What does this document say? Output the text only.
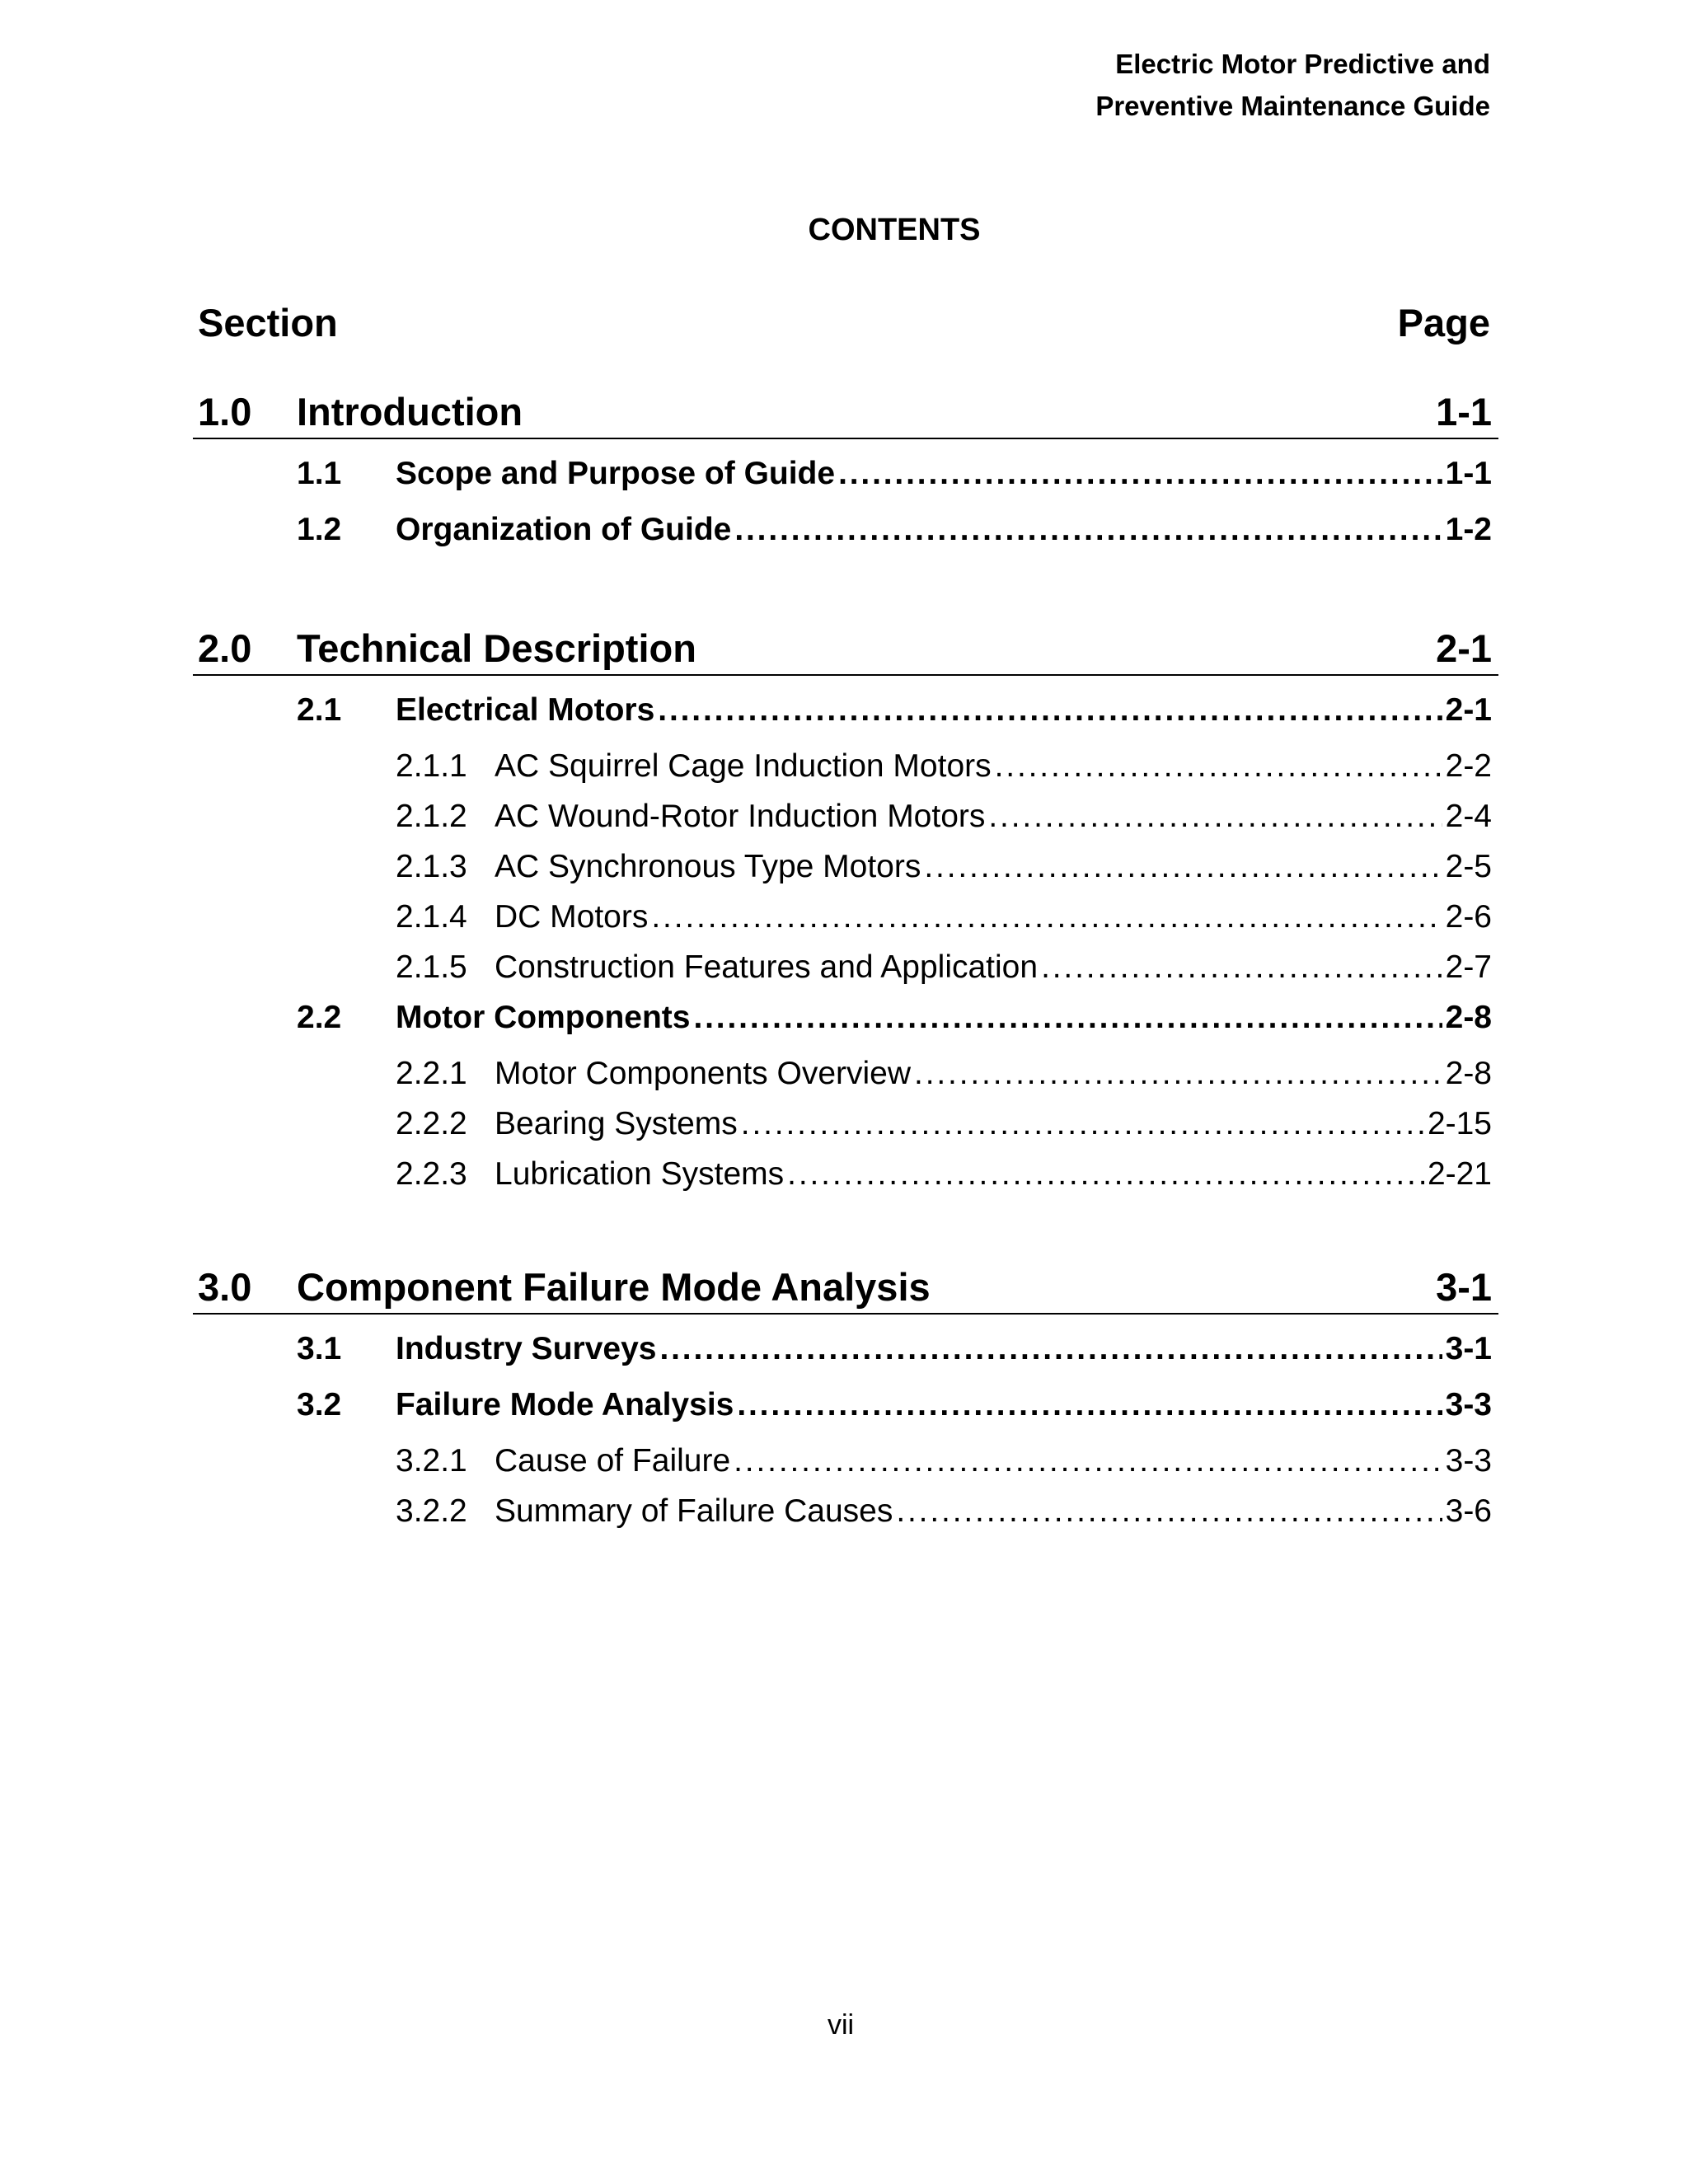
Electric Motor Predictive and
Preventive Maintenance Guide
CONTENTS
Section	Page
1.0	Introduction	1-1
1.1	Scope and Purpose of Guide . . .	1-1
1.2	Organization of Guide . . .	1-2
2.0	Technical Description	2-1
2.1	Electrical Motors . . .	2-1
2.1.1 AC Squirrel Cage Induction Motors . . .	2-2
2.1.2 AC Wound-Rotor Induction Motors . . .	2-4
2.1.3 AC Synchronous Type Motors . . .	2-5
2.1.4 DC Motors . . .	2-6
2.1.5 Construction Features and Application . . .	2-7
2.2	Motor Components . . .	2-8
2.2.1 Motor Components Overview . . .	2-8
2.2.2 Bearing Systems . . .	2-15
2.2.3 Lubrication Systems . . .	2-21
3.0	Component Failure Mode Analysis	3-1
3.1	Industry Surveys . . .	3-1
3.2	Failure Mode Analysis . . .	3-3
3.2.1 Cause of Failure . . .	3-3
3.2.2 Summary of Failure Causes . . .	3-6
vii
